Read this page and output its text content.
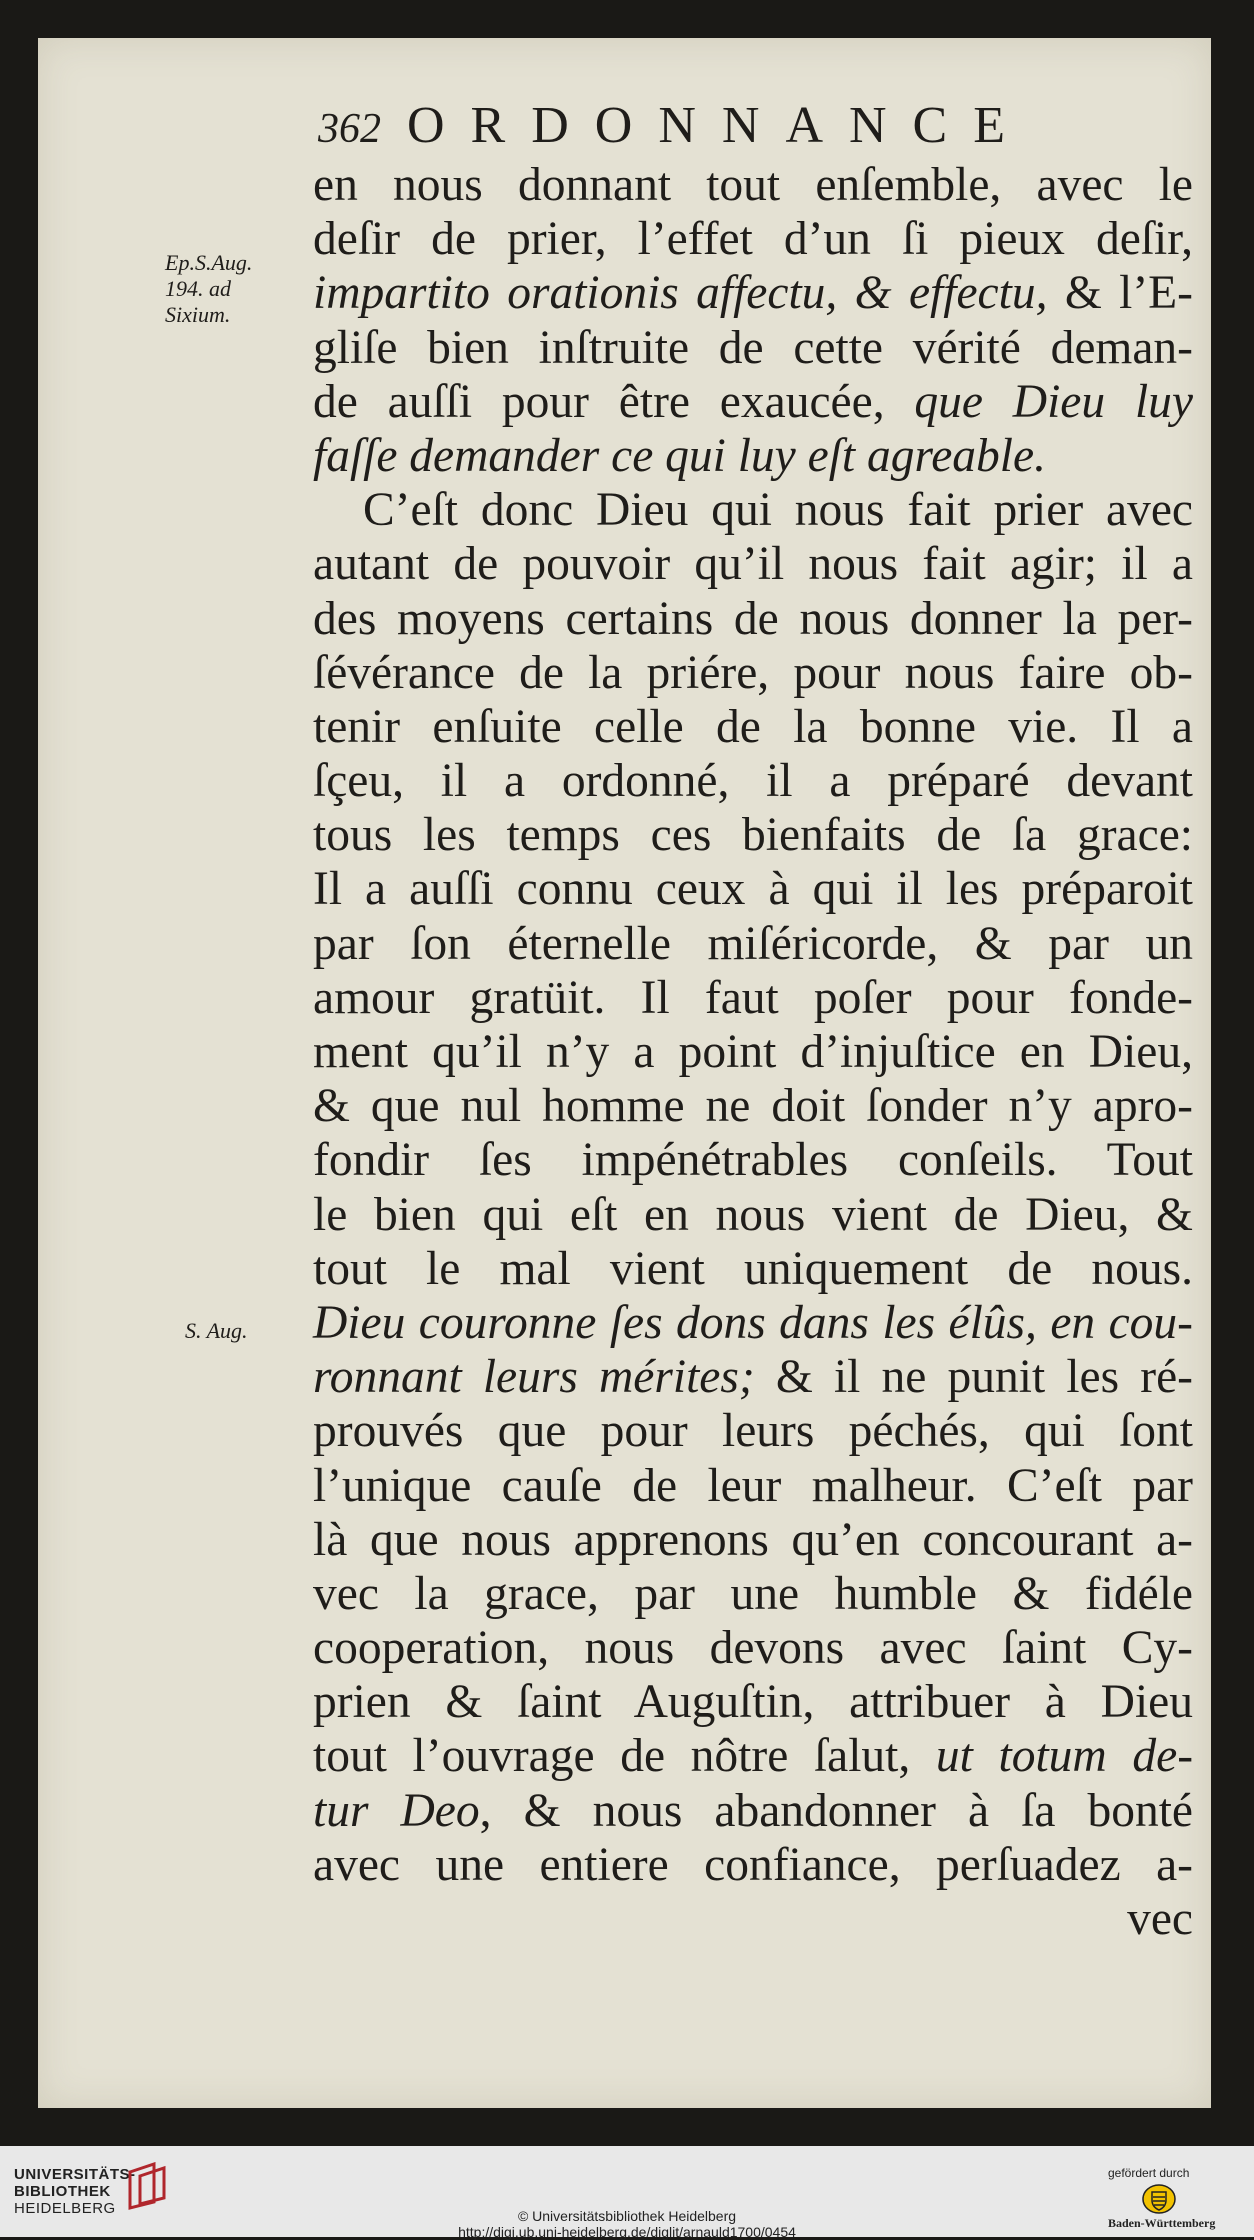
362 ORDONNANCE
Ep.S.Aug.
194. ad
Sixium.
S. Aug.
en nous donnant tout enſemble, avec le
deſir de prier, l’effet d’un ſi pieux deſir,
impartito orationis affectu, & effectu, & l’E-
gliſe bien inſtruite de cette vérité deman-
de auſſi pour être exaucée, que Dieu luy
faſſe demander ce qui luy eſt agreable.
C’eſt donc Dieu qui nous fait prier avec
autant de pouvoir qu’il nous fait agir; il a
des moyens certains de nous donner la per-
ſévérance de la priére, pour nous faire ob-
tenir enſuite celle de la bonne vie. Il a
ſçeu, il a ordonné, il a préparé devant
tous les temps ces bienfaits de ſa grace:
Il a auſſi connu ceux à qui il les préparoit
par ſon éternelle miſéricorde, & par un
amour gratüit. Il faut poſer pour fonde-
ment qu’il n’y a point d’injuſtice en Dieu,
& que nul homme ne doit ſonder n’y apro-
fondir ſes impénétrables conſeils. Tout
le bien qui eſt en nous vient de Dieu, &
tout le mal vient uniquement de nous.
Dieu couronne ſes dons dans les élûs, en cou-
ronnant leurs mérites; & il ne punit les ré-
prouvés que pour leurs péchés, qui ſont
l’unique cauſe de leur malheur. C’eſt par
là que nous apprenons qu’en concourant a-
vec la grace, par une humble & fidéle
cooperation, nous devons avec ſaint Cy-
prien & ſaint Auguſtin, attribuer à Dieu
tout l’ouvrage de nôtre ſalut, ut totum de-
tur Deo, & nous abandonner à ſa bonté
avec une entiere confiance, perſuadez a-
vec
UNIVERSITÄTS-
BIBLIOTHEK
HEIDELBERG	© Universitätsbibliothek Heidelberg
http://digi.ub.uni-heidelberg.de/diglit/arnauld1700/0454
gefördert durch
Baden-Württemberg
